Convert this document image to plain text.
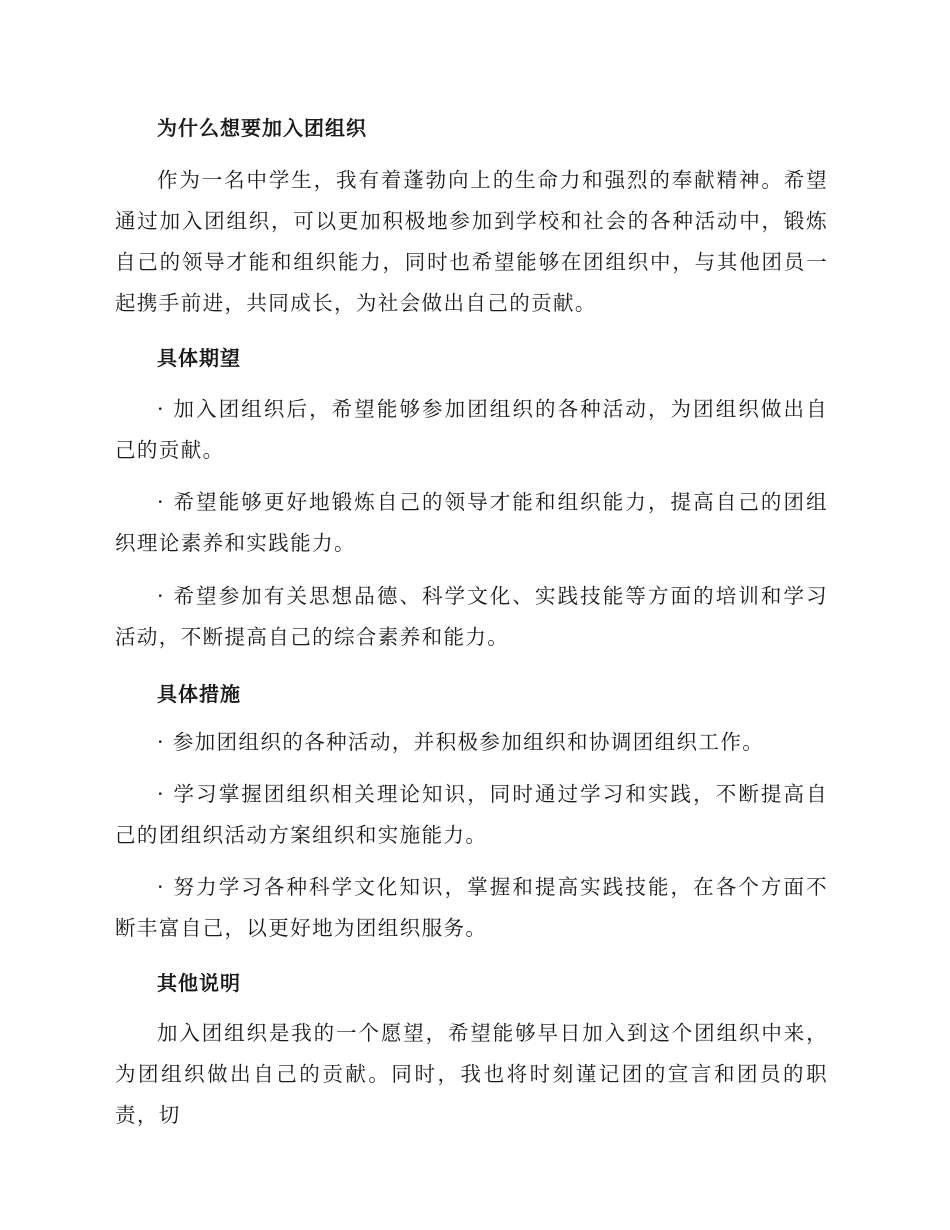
为什么想要加入团组织

作为一名中学生，我有着蓬勃向上的生命力和强烈的奉献精神。希望通过加入团组织，可以更加积极地参加到学校和社会的各种活动中，锻炼自己的领导才能和组织能力，同时也希望能够在团组织中，与其他团员一起携手前进，共同成长，为社会做出自己的贡献。

具体期望

· 加入团组织后，希望能够参加团组织的各种活动，为团组织做出自己的贡献。

· 希望能够更好地锻炼自己的领导才能和组织能力，提高自己的团组织理论素养和实践能力。

· 希望参加有关思想品德、科学文化、实践技能等方面的培训和学习活动，不断提高自己的综合素养和能力。

具体措施

· 参加团组织的各种活动，并积极参加组织和协调团组织工作。

· 学习掌握团组织相关理论知识，同时通过学习和实践，不断提高自己的团组织活动方案组织和实施能力。

· 努力学习各种科学文化知识，掌握和提高实践技能，在各个方面不断丰富自己，以更好地为团组织服务。

其他说明

加入团组织是我的一个愿望，希望能够早日加入到这个团组织中来，为团组织做出自己的贡献。同时，我也将时刻谨记团的宣言和团员的职责，切
